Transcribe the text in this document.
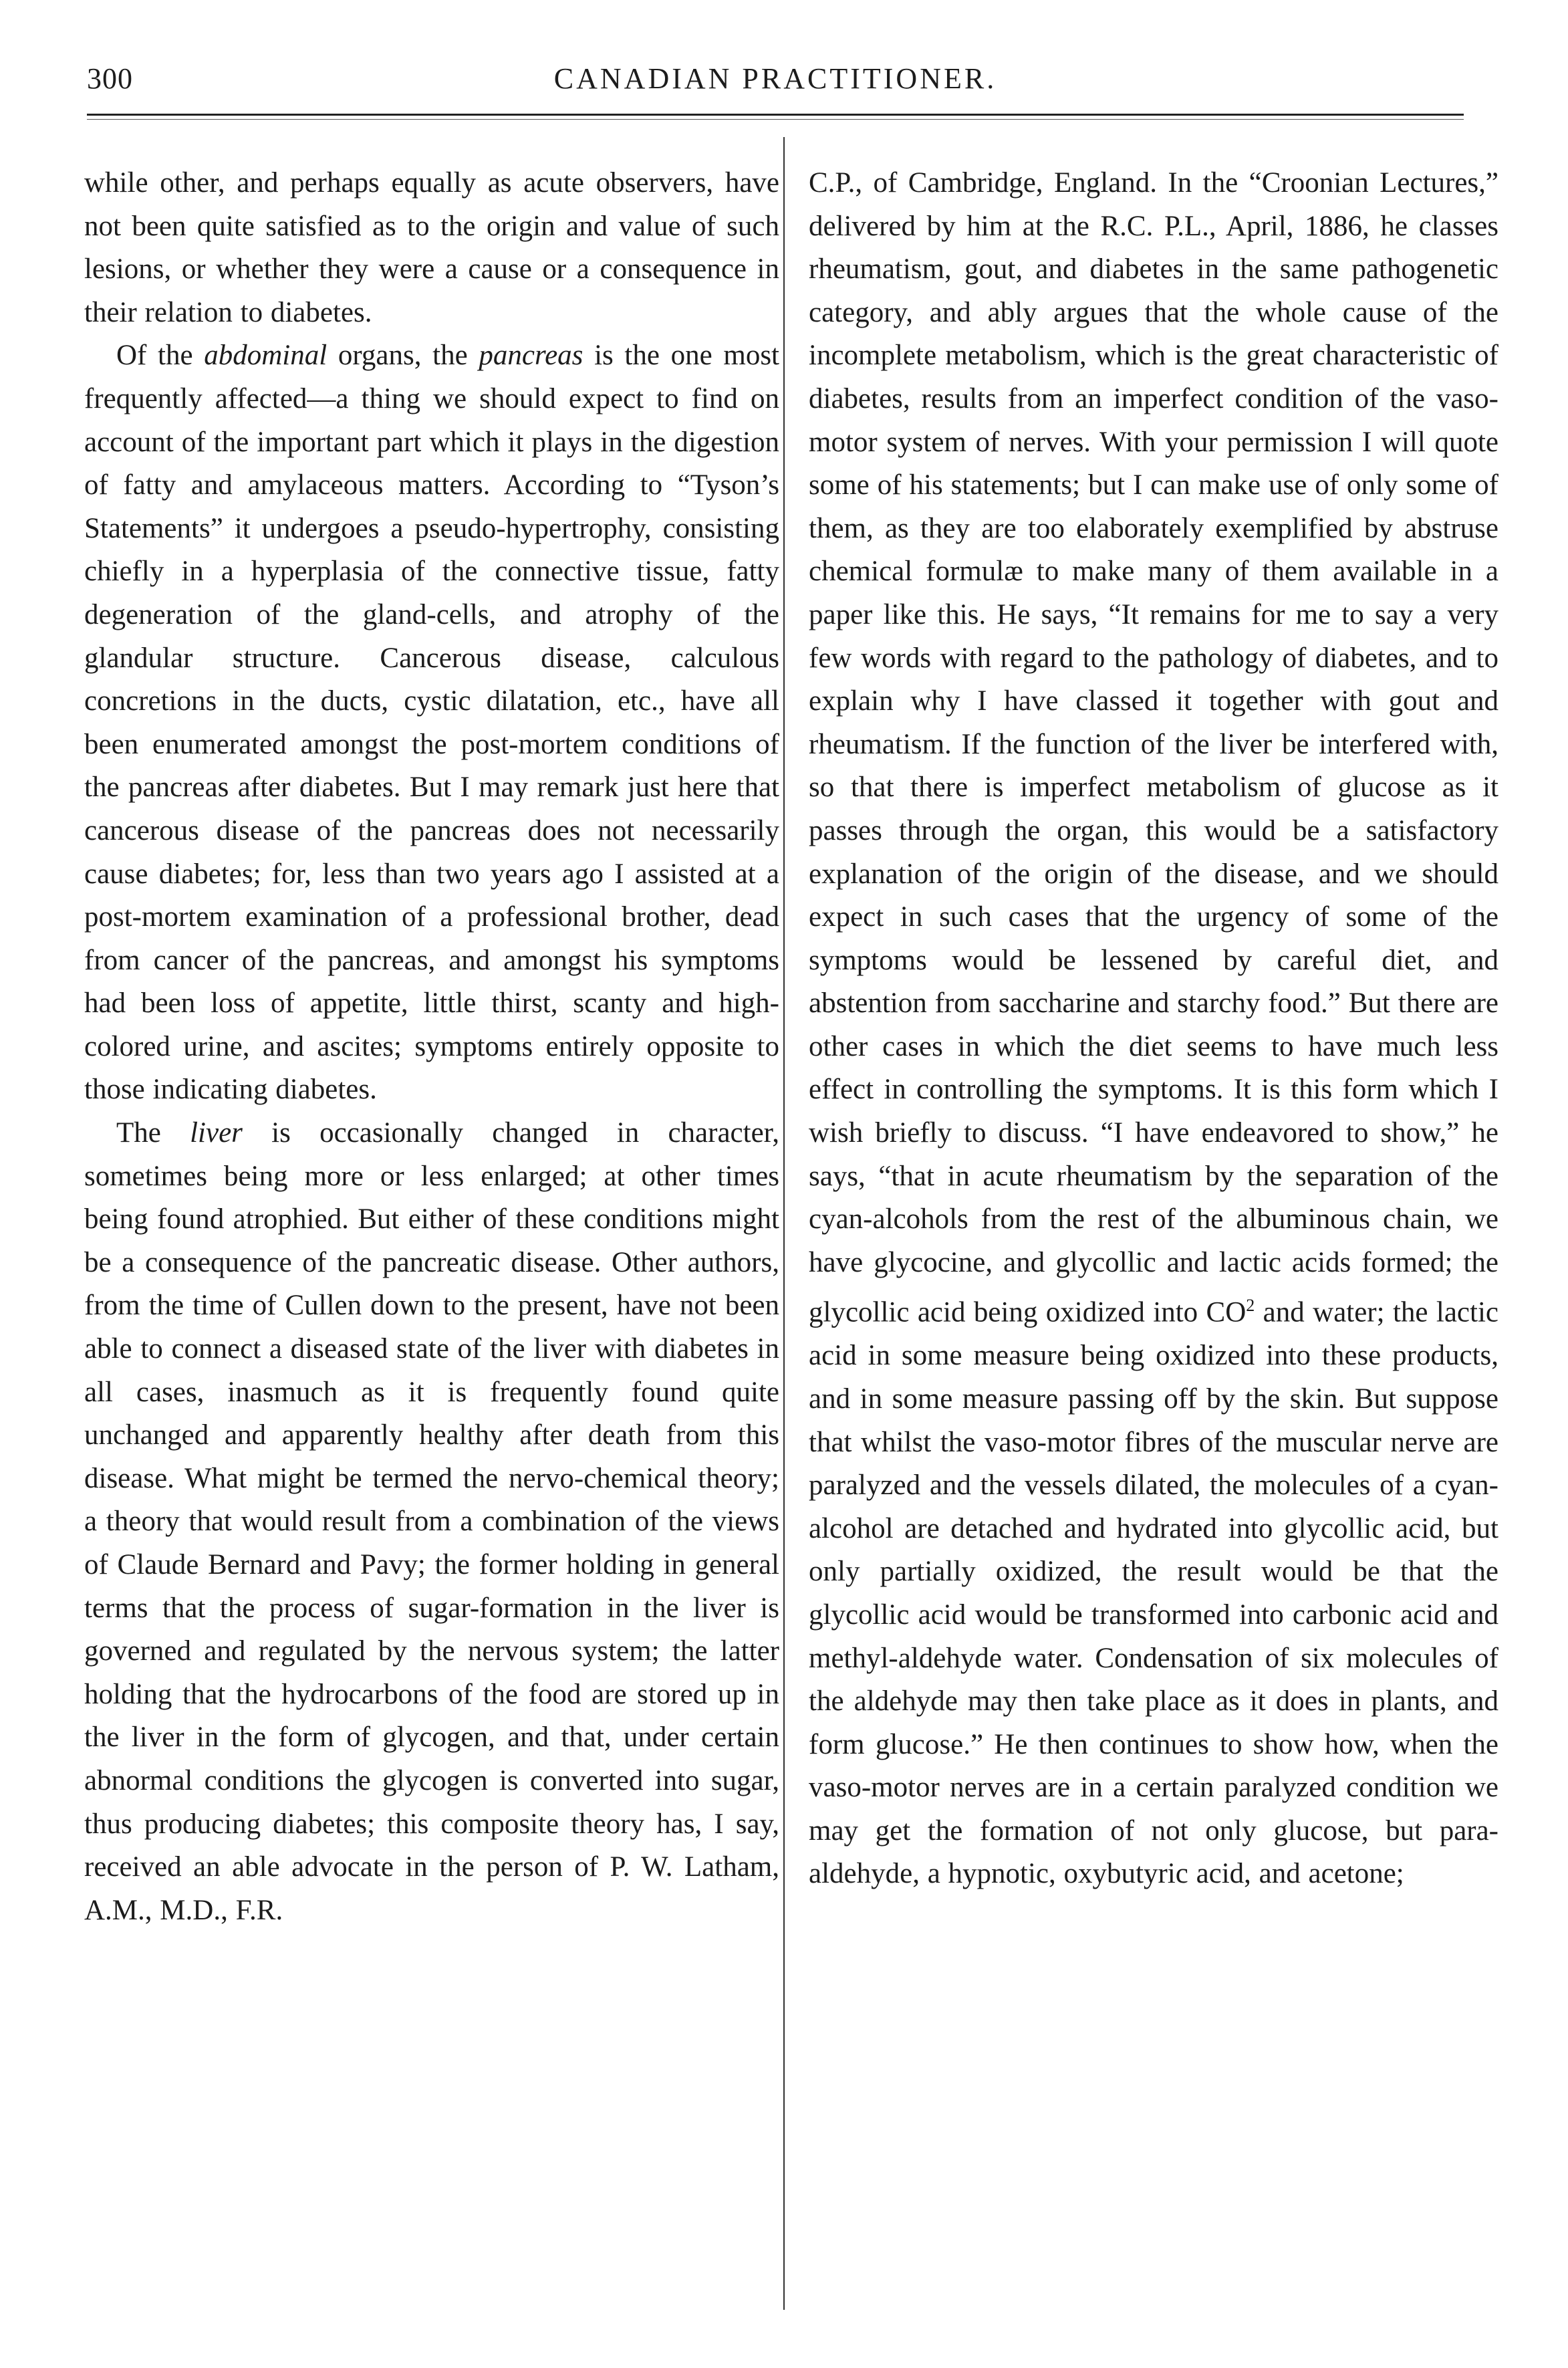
300	CANADIAN PRACTITIONER.

while other, and perhaps equally as acute observers, have not been quite satisfied as to the origin and value of such lesions, or whether they were a cause or a consequence in their relation to diabetes.

Of the abdominal organs, the pancreas is the one most frequently affected—a thing we should expect to find on account of the important part which it plays in the digestion of fatty and amylaceous matters. According to “Tyson’s Statements” it undergoes a pseudo-hypertrophy, consisting chiefly in a hyperplasia of the connective tissue, fatty degeneration of the gland-cells, and atrophy of the glandular structure. Cancerous disease, calculous concretions in the ducts, cystic dilatation, etc., have all been enumerated amongst the post-mortem conditions of the pancreas after diabetes. But I may remark just here that cancerous disease of the pancreas does not necessarily cause diabetes; for, less than two years ago I assisted at a post-mortem examination of a professional brother, dead from cancer of the pancreas, and amongst his symptoms had been loss of appetite, little thirst, scanty and high-colored urine, and ascites; symptoms entirely opposite to those indicating diabetes.

The liver is occasionally changed in character, sometimes being more or less enlarged; at other times being found atrophied. But either of these conditions might be a consequence of the pancreatic disease. Other authors, from the time of Cullen down to the present, have not been able to connect a diseased state of the liver with diabetes in all cases, inasmuch as it is frequently found quite unchanged and apparently healthy after death from this disease. What might be termed the nervo-chemical theory; a theory that would result from a combination of the views of Claude Bernard and Pavy; the former holding in general terms that the process of sugar-formation in the liver is governed and regulated by the nervous system; the latter holding that the hydrocarbons of the food are stored up in the liver in the form of glycogen, and that, under certain abnormal conditions the glycogen is converted into sugar, thus producing diabetes; this composite theory has, I say, received an able advocate in the person of P. W. Latham, A.M., M.D., F.R.

C.P., of Cambridge, England. In the “Croonian Lectures,” delivered by him at the R.C. P.L., April, 1886, he classes rheumatism, gout, and diabetes in the same pathogenetic category, and ably argues that the whole cause of the incomplete metabolism, which is the great characteristic of diabetes, results from an imperfect condition of the vaso-motor system of nerves. With your permission I will quote some of his statements; but I can make use of only some of them, as they are too elaborately exemplified by abstruse chemical formulæ to make many of them available in a paper like this. He says, “It remains for me to say a very few words with regard to the pathology of diabetes, and to explain why I have classed it together with gout and rheumatism. If the function of the liver be interfered with, so that there is imperfect metabolism of glucose as it passes through the organ, this would be a satisfactory explanation of the origin of the disease, and we should expect in such cases that the urgency of some of the symptoms would be lessened by careful diet, and abstention from saccharine and starchy food.” But there are other cases in which the diet seems to have much less effect in controlling the symptoms. It is this form which I wish briefly to discuss. “I have endeavored to show,” he says, “that in acute rheumatism by the separation of the cyan-alcohols from the rest of the albuminous chain, we have glycocine, and glycollic and lactic acids formed; the glycollic acid being oxidized into $CO^2$ and water; the lactic acid in some measure being oxidized into these products, and in some measure passing off by the skin. But suppose that whilst the vaso-motor fibres of the muscular nerve are paralyzed and the vessels dilated, the molecules of a cyan-alcohol are detached and hydrated into glycollic acid, but only partially oxidized, the result would be that the glycollic acid would be transformed into carbonic acid and methyl-aldehyde water. Condensation of six molecules of the aldehyde may then take place as it does in plants, and form glucose.” He then continues to show how, when the vaso-motor nerves are in a certain paralyzed condition we may get the formation of not only glucose, but para-aldehyde, a hypnotic, oxybutyric acid, and acetone;
